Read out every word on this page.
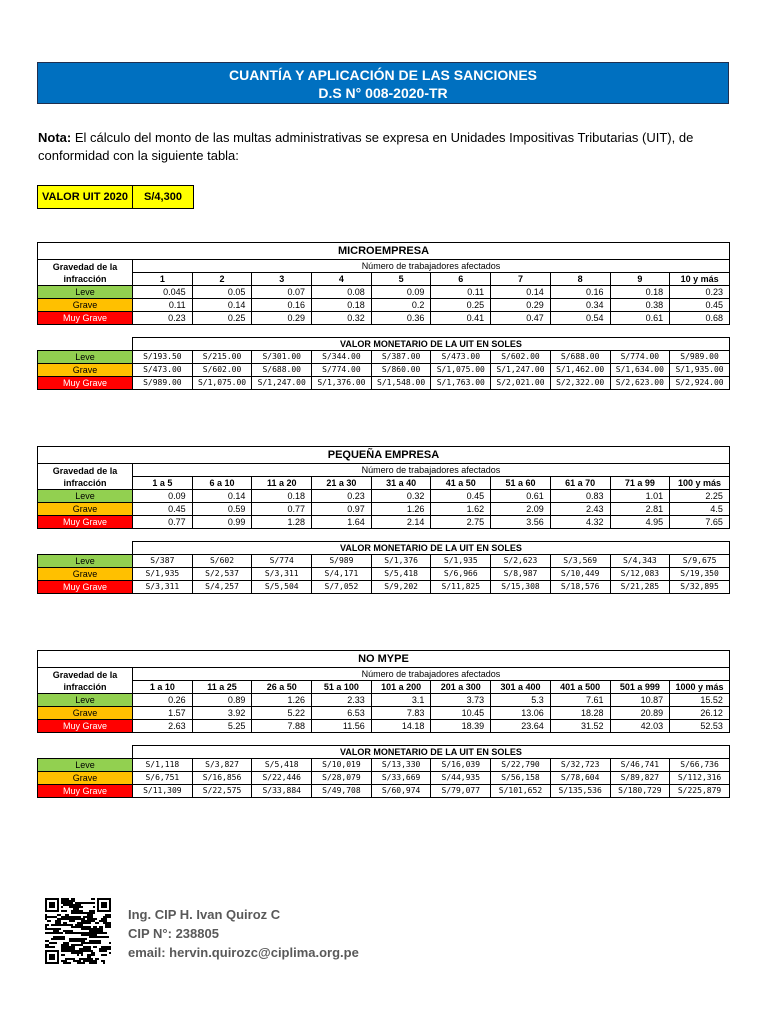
CUANTÍA Y APLICACIÓN DE LAS SANCIONES
D.S N° 008-2020-TR
Nota: El cálculo del monto de las multas administrativas se expresa en Unidades Impositivas Tributarias (UIT), de conformidad con la siguiente tabla:
VALOR UIT 2020	S/4,300
MICROEMPRESA										
Gravedad de la infracción	Número de trabajadores afectados									
	1	2	3	4	5	6	7	8	9	10 y más
Leve	0.045	0.05	0.07	0.08	0.09	0.11	0.14	0.16	0.18	0.23
Grave	0.11	0.14	0.16	0.18	0.2	0.25	0.29	0.34	0.38	0.45
Muy Grave	0.23	0.25	0.29	0.32	0.36	0.41	0.47	0.54	0.61	0.68
	VALOR MONETARIO DE LA UIT EN SOLES									
Leve	S/193.50	S/215.00	S/301.00	S/344.00	S/387.00	S/473.00	S/602.00	S/688.00	S/774.00	S/989.00
Grave	S/473.00	S/602.00	S/688.00	S/774.00	S/860.00	S/1,075.00	S/1,247.00	S/1,462.00	S/1,634.00	S/1,935.00
Muy Grave	S/989.00	S/1,075.00	S/1,247.00	S/1,376.00	S/1,548.00	S/1,763.00	S/2,021.00	S/2,322.00	S/2,623.00	S/2,924.00
PEQUEÑA EMPRESA										
Gravedad de la infracción	Número de trabajadores afectados									
	1 a 5	6 a 10	11 a 20	21 a 30	31 a 40	41 a 50	51 a 60	61 a 70	71 a 99	100 y más
Leve	0.09	0.14	0.18	0.23	0.32	0.45	0.61	0.83	1.01	2.25
Grave	0.45	0.59	0.77	0.97	1.26	1.62	2.09	2.43	2.81	4.5
Muy Grave	0.77	0.99	1.28	1.64	2.14	2.75	3.56	4.32	4.95	7.65
	VALOR MONETARIO DE LA UIT EN SOLES									
Leve	S/387	S/602	S/774	S/989	S/1,376	S/1,935	S/2,623	S/3,569	S/4,343	S/9,675
Grave	S/1,935	S/2,537	S/3,311	S/4,171	S/5,418	S/6,966	S/8,987	S/10,449	S/12,083	S/19,350
Muy Grave	S/3,311	S/4,257	S/5,504	S/7,052	S/9,202	S/11,825	S/15,308	S/18,576	S/21,285	S/32,895
NO MYPE										
Gravedad de la infracción	Número de trabajadores afectados									
	1 a 10	11 a 25	26 a 50	51 a 100	101 a 200	201 a 300	301 a 400	401 a 500	501 a 999	1000 y más
Leve	0.26	0.89	1.26	2.33	3.1	3.73	5.3	7.61	10.87	15.52
Grave	1.57	3.92	5.22	6.53	7.83	10.45	13.06	18.28	20.89	26.12
Muy Grave	2.63	5.25	7.88	11.56	14.18	18.39	23.64	31.52	42.03	52.53
	VALOR MONETARIO DE LA UIT EN SOLES									
Leve	S/1,118	S/3,827	S/5,418	S/10,019	S/13,330	S/16,039	S/22,790	S/32,723	S/46,741	S/66,736
Grave	S/6,751	S/16,856	S/22,446	S/28,079	S/33,669	S/44,935	S/56,158	S/78,604	S/89,827	S/112,316
Muy Grave	S/11,309	S/22,575	S/33,884	S/49,708	S/60,974	S/79,077	S/101,652	S/135,536	S/180,729	S/225,879
Ing. CIP H. Ivan Quiroz C
CIP N°: 238805
email: hervin.quirozc@ciplima.org.pe
